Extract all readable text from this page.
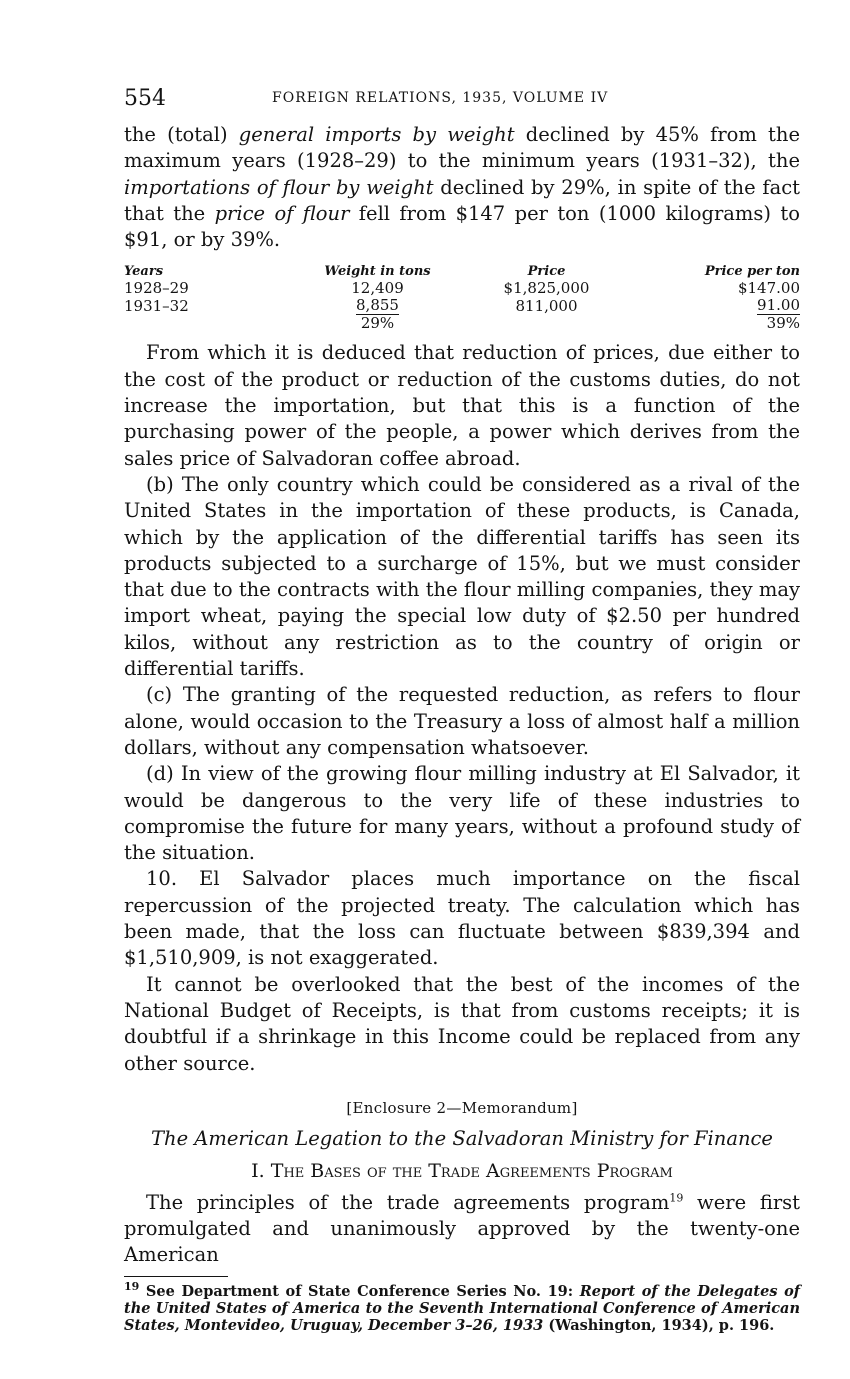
554	FOREIGN RELATIONS, 1935, VOLUME IV

the (total) general imports by weight declined by 45% from the maximum years (1928–29) to the minimum years (1931–32), the importations of flour by weight declined by 29%, in spite of the fact that the price of flour fell from $147 per ton (1000 kilograms) to $91, or by 39%.

Years	Weight in tons	Price	Price per ton
1928–29	12,409	$1,825,000	$147.00
1931–32	8,855	811,000	91.00
	29%		39%

From which it is deduced that reduction of prices, due either to the cost of the product or reduction of the customs duties, do not increase the importation, but that this is a function of the purchasing power of the people, a power which derives from the sales price of Salvadoran coffee abroad.

(b) The only country which could be considered as a rival of the United States in the importation of these products, is Canada, which by the application of the differential tariffs has seen its products subjected to a surcharge of 15%, but we must consider that due to the contracts with the flour milling companies, they may import wheat, paying the special low duty of $2.50 per hundred kilos, without any restriction as to the country of origin or differential tariffs.

(c) The granting of the requested reduction, as refers to flour alone, would occasion to the Treasury a loss of almost half a million dollars, without any compensation whatsoever.

(d) In view of the growing flour milling industry at El Salvador, it would be dangerous to the very life of these industries to compromise the future for many years, without a profound study of the situation.

10. El Salvador places much importance on the fiscal repercussion of the projected treaty. The calculation which has been made, that the loss can fluctuate between $839,394 and $1,510,909, is not exaggerated.

It cannot be overlooked that the best of the incomes of the National Budget of Receipts, is that from customs receipts; it is doubtful if a shrinkage in this Income could be replaced from any other source.

[Enclosure 2—Memorandum]
The American Legation to the Salvadoran Ministry for Finance
I. The Bases of the Trade Agreements Program

The principles of the trade agreements program$^{19}$ were first promulgated and unanimously approved by the twenty-one American

$^{19}$ See Department of State Conference Series No. 19: Report of the Delegates of the United States of America to the Seventh International Conference of American States, Montevideo, Uruguay, December 3–26, 1933 (Washington, 1934), p. 196.
